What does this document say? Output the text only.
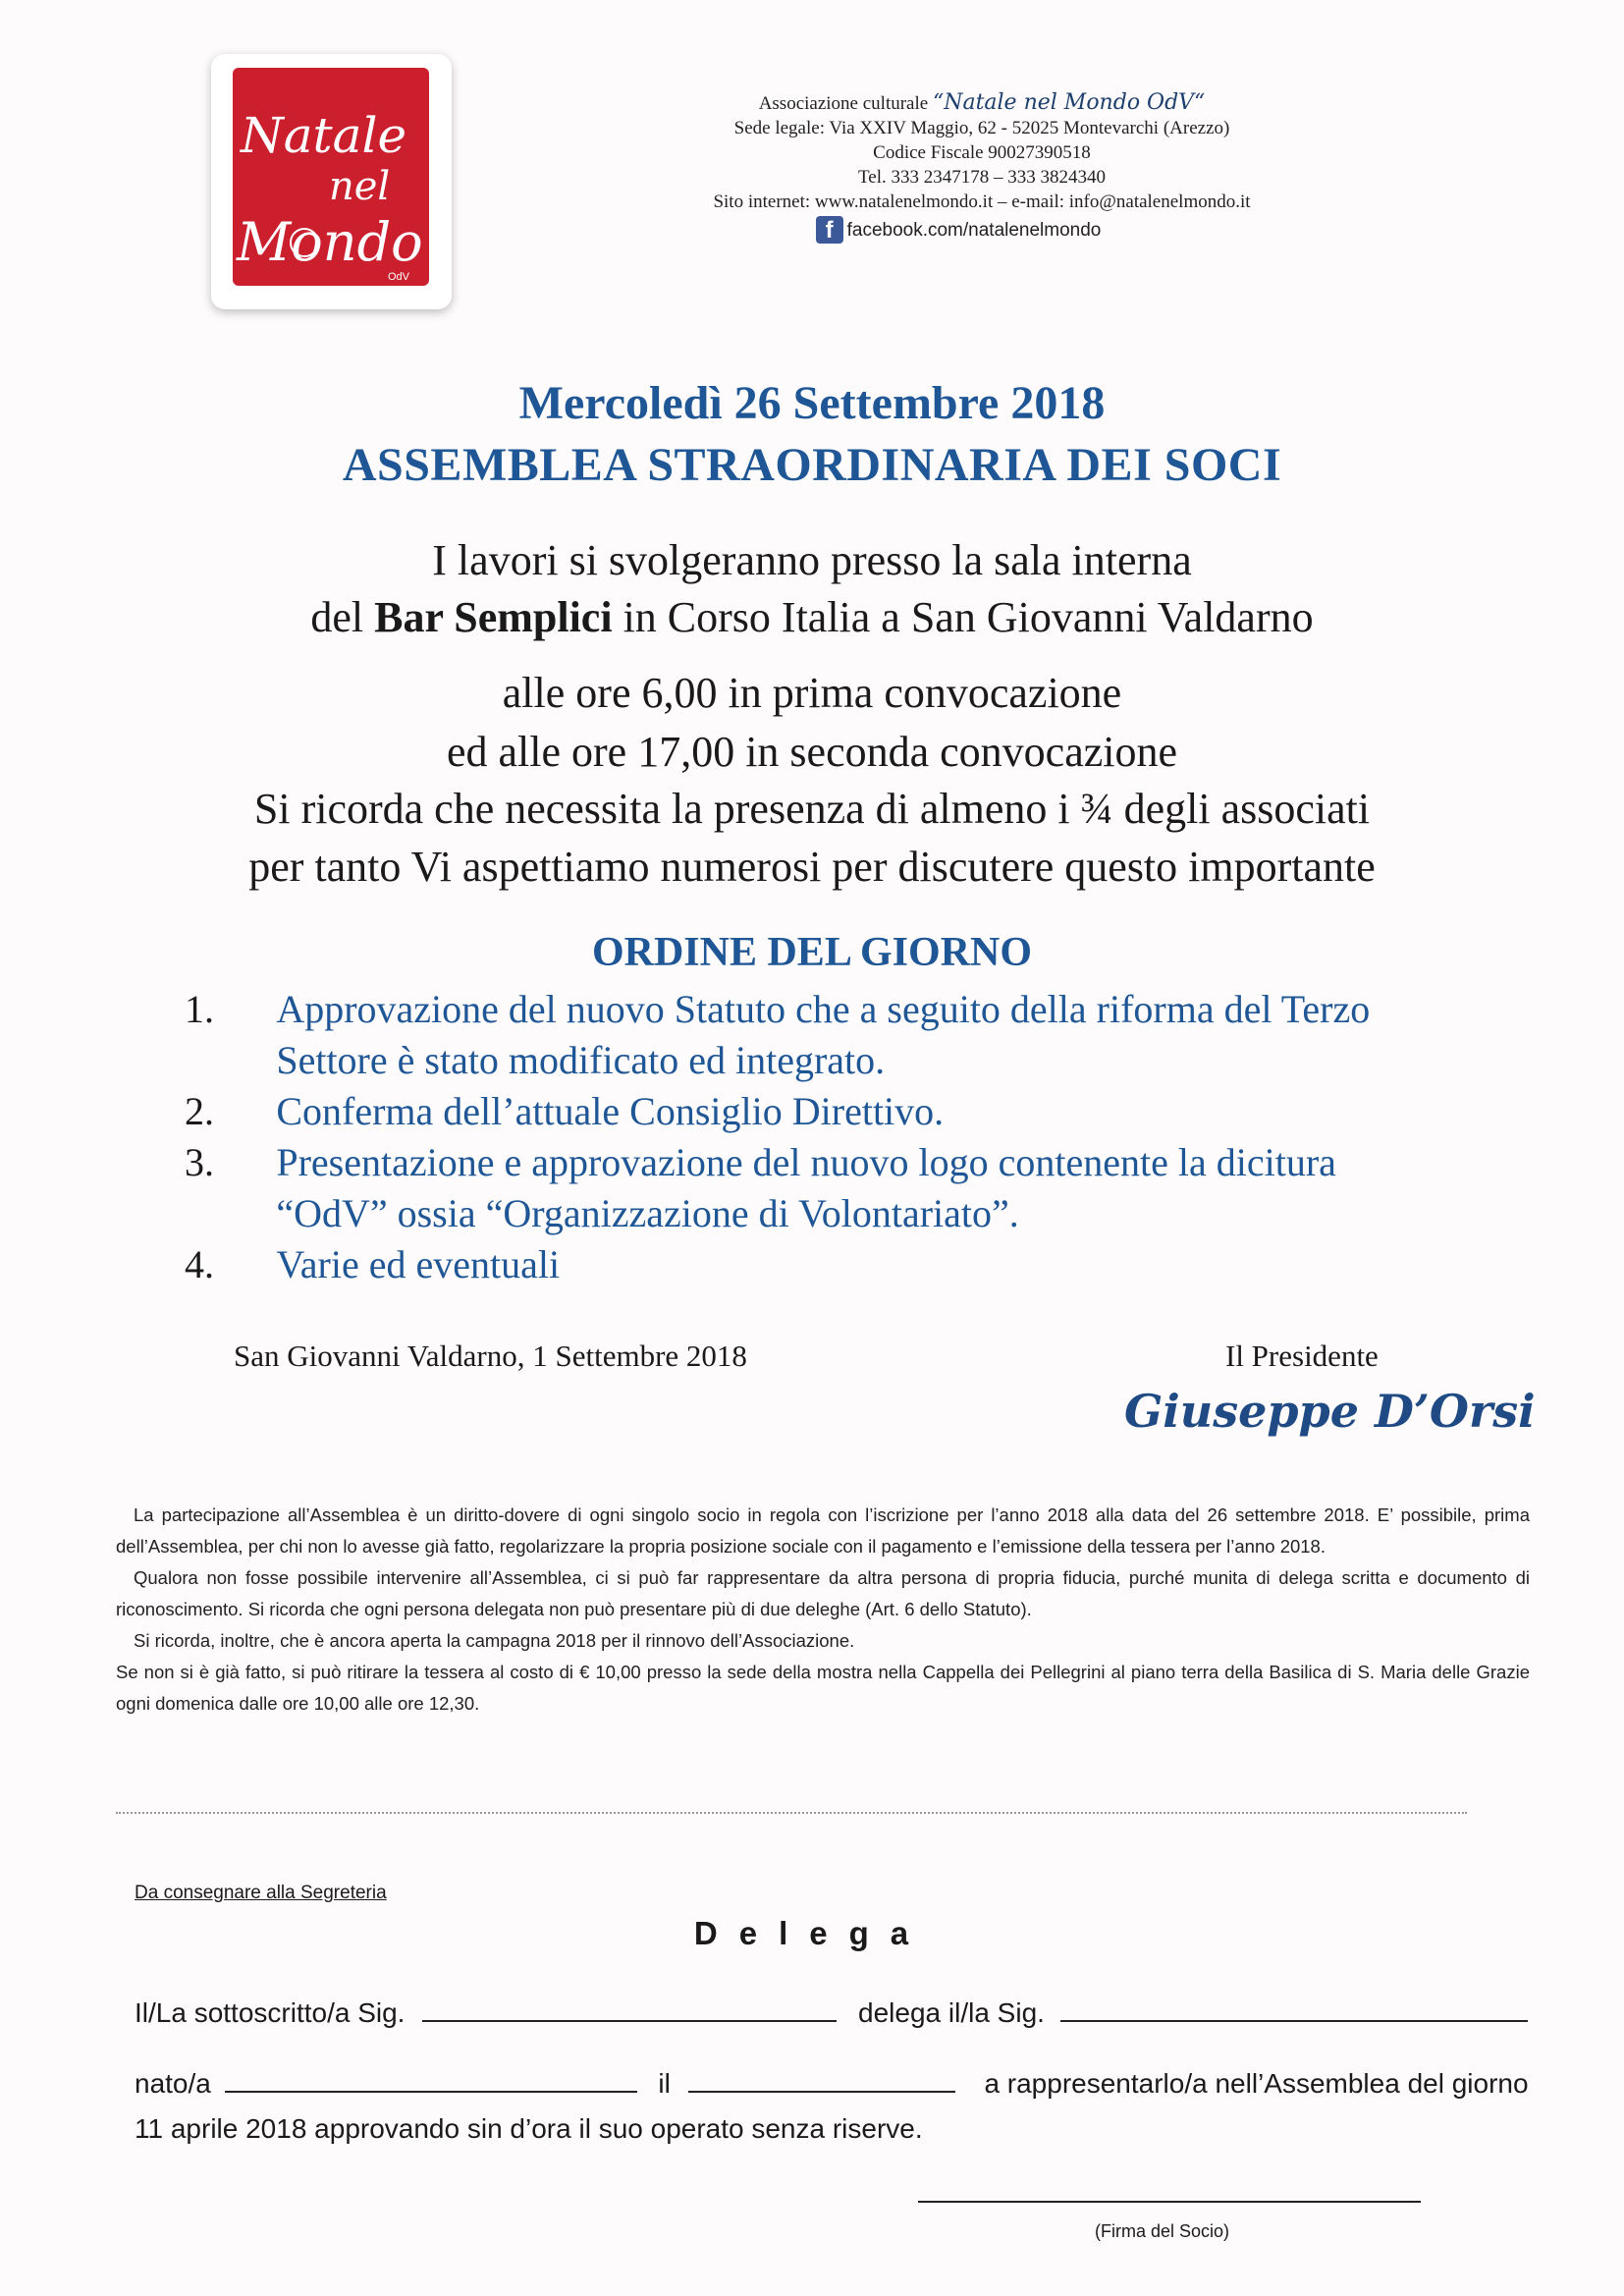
Natale
nel
Mondo
OdV
Associazione culturale “Natale nel Mondo OdV“
Sede legale: Via XXIV Maggio, 62 - 52025 Montevarchi (Arezzo)
Codice Fiscale 90027390518
Tel. 333 2347178 – 333 3824340
Sito internet: www.natalenelmondo.it – e-mail: info@natalenelmondo.it
f facebook.com/natalenelmondo
Mercoledì 26 Settembre 2018
ASSEMBLEA STRAORDINARIA DEI SOCI
I lavori si svolgeranno presso la sala interna
del Bar Semplici in Corso Italia a San Giovanni Valdarno
alle ore 6,00 in prima convocazione
ed alle ore 17,00 in seconda convocazione
Si ricorda che necessita la presenza di almeno i ¾ degli associati
per tanto Vi aspettiamo numerosi per discutere questo importante
ORDINE DEL GIORNO
1.	Approvazione del nuovo Statuto che a seguito della riforma del Terzo
Settore è stato modificato ed integrato.
2.	Conferma dell’attuale Consiglio Direttivo.
3.	Presentazione e approvazione del nuovo logo contenente la dicitura
“OdV” ossia “Organizzazione di Volontariato”.
4.	Varie ed eventuali
San Giovanni Valdarno, 1 Settembre 2018	Il Presidente
Giuseppe D’Orsi

La partecipazione all’Assemblea è un diritto-dovere di ogni singolo socio in regola con l’iscrizione per l’anno 2018 alla data del 26 settembre 2018. E’ possibile, prima dell’Assemblea, per chi non lo avesse già fatto, regolarizzare la propria posizione sociale con il pagamento e l’emissione della tessera per l’anno 2018.

Qualora non fosse possibile intervenire all’Assemblea, ci si può far rappresentare da altra persona di propria fiducia, purché munita di delega scritta e documento di riconoscimento. Si ricorda che ogni persona delegata non può presentare più di due deleghe (Art. 6 dello Statuto).

Si ricorda, inoltre, che è ancora aperta la campagna 2018 per il rinnovo dell’Associazione.

Se non si è già fatto, si può ritirare la tessera al costo di € 10,00 presso la sede della mostra nella Cappella dei Pellegrini al piano terra della Basilica di S. Maria delle Grazie ogni domenica dalle ore 10,00 alle ore 12,30.

Da consegnare alla Segreteria
Delega
Il/La sottoscritto/a Sig.	delega il/la Sig.
nato/a	il	a rappresentarlo/a nell’Assemblea del giorno
11 aprile 2018 approvando sin d’ora il suo operato senza riserve.
(Firma del Socio)
